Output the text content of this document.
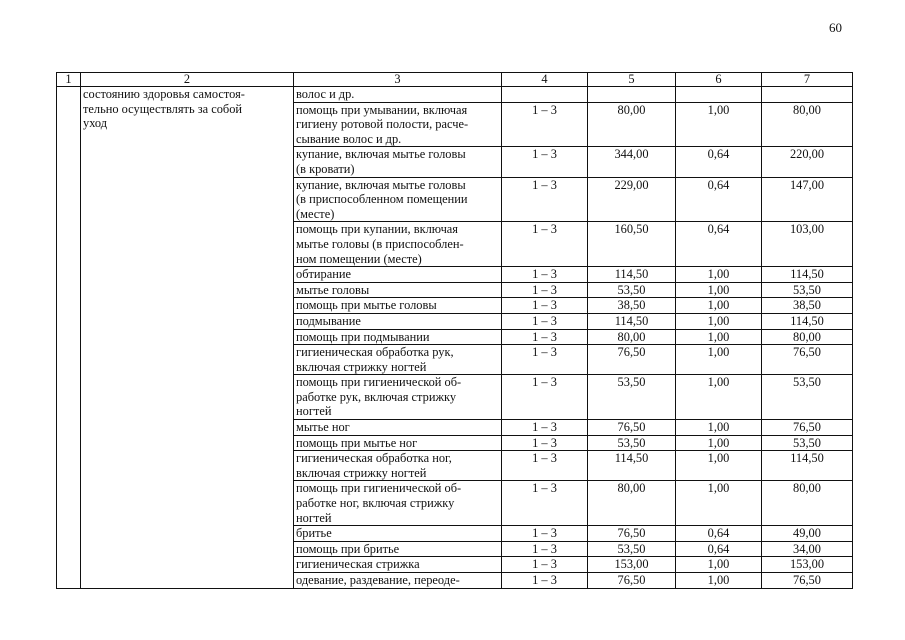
60
1	2	3	4	5	6	7

	состоянию здоровья самостоя-
тельно осуществлять за собой
уход	волос и др.				

		помощь при умывании, включая
гигиену ротовой полости, расче-
сывание волос и др.	1 – 3	80,00	1,00	80,00

		купание, включая мытье головы
(в кровати)	1 – 3	344,00	0,64	220,00

		купание, включая мытье головы
(в приспособленном помещении
(месте)	1 – 3	229,00	0,64	147,00

		помощь при купании, включая
мытье головы (в приспособлен-
ном помещении (месте)	1 – 3	160,50	0,64	103,00

		обтирание	1 – 3	114,50	1,00	114,50

		мытье головы	1 – 3	53,50	1,00	53,50

		помощь при мытье головы	1 – 3	38,50	1,00	38,50

		подмывание	1 – 3	114,50	1,00	114,50

		помощь при подмывании	1 – 3	80,00	1,00	80,00

		гигиеническая обработка рук,
включая стрижку ногтей	1 – 3	76,50	1,00	76,50

		помощь при гигиенической об-
работке рук, включая стрижку
ногтей	1 – 3	53,50	1,00	53,50

		мытье ног	1 – 3	76,50	1,00	76,50

		помощь при мытье ног	1 – 3	53,50	1,00	53,50

		гигиеническая обработка ног,
включая стрижку ногтей	1 – 3	114,50	1,00	114,50

		помощь при гигиенической об-
работке ног, включая стрижку
ногтей	1 – 3	80,00	1,00	80,00

		бритье	1 – 3	76,50	0,64	49,00

		помощь при бритье	1 – 3	53,50	0,64	34,00

		гигиеническая стрижка	1 – 3	153,00	1,00	153,00

		одевание, раздевание, переоде-	1 – 3	76,50	1,00	76,50
